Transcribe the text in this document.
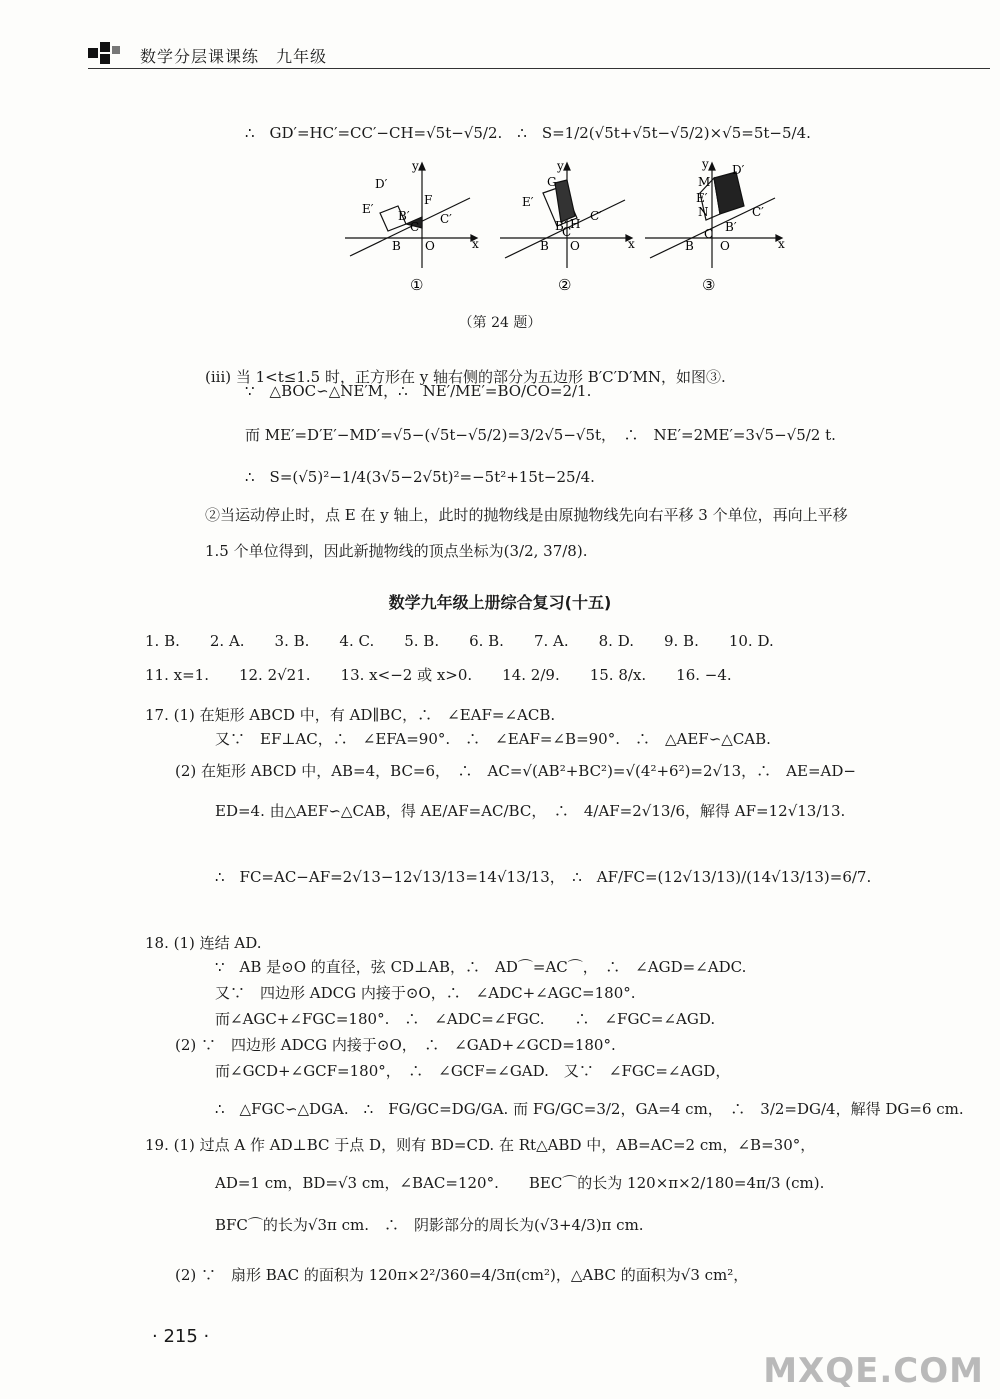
数学分层课课练　九年级
∴　GD′=HC′=CC′−CH=√5t−√5/2.　∴　S=1/2(√5t+√5t−√5/2)×√5=5t−5/4.
D′
E′
F
B′
B
C
C′
O	x
y
E′
G
B′
B
C
H
C′
O	x
y
M
D′
E′
N
B′
B
C
C′
O	x
y
①	②	③
（第 24 题）
(iii) 当 1<t≤1.5 时，正方形在 y 轴右侧的部分为五边形 B′C′D′MN，如图③.
∵　△BOC∽△NE′M，∴　NE′/ME′=BO/CO=2/1.
而 ME′=D′E′−MD′=√5−(√5t−√5/2)=3/2√5−√5t，　∴　NE′=2ME′=3√5−√5/2 t.
∴　S=(√5)²−1/4(3√5−2√5t)²=−5t²+15t−25/4.
②当运动停止时，点 E 在 y 轴上，此时的抛物线是由原抛物线先向右平移 3 个单位，再向上平移
1.5 个单位得到，因此新抛物线的顶点坐标为(3/2, 37/8).
数学九年级上册综合复习(十五)
1. B.　　2. A.　　3. B.　　4. C.　　5. B.　　6. B.　　7. A.　　8. D.　　9. B.　　10. D.
11. x=1.　　12. 2√21.　　13. x<−2 或 x>0.　　14. 2/9.　　15. 8/x.　　16. −4.
17. (1) 在矩形 ABCD 中，有 AD∥BC，∴　∠EAF=∠ACB.
又∵　EF⊥AC，∴　∠EFA=90°.　∴　∠EAF=∠B=90°.　∴　△AEF∽△CAB.
(2) 在矩形 ABCD 中，AB=4，BC=6，　∴　AC=√(AB²+BC²)=√(4²+6²)=2√13，∴　AE=AD−
ED=4. 由△AEF∽△CAB，得 AE/AF=AC/BC，　∴　4/AF=2√13/6，解得 AF=12√13/13.
∴　FC=AC−AF=2√13−12√13/13=14√13/13，　∴　AF/FC=(12√13/13)/(14√13/13)=6/7.
18. (1) 连结 AD.
∵　AB 是⊙O 的直径，弦 CD⊥AB，∴　AD⌒=AC⌒，　∴　∠AGD=∠ADC.
又∵　四边形 ADCG 内接于⊙O，∴　∠ADC+∠AGC=180°.
而∠AGC+∠FGC=180°.　∴　∠ADC=∠FGC.　　∴　∠FGC=∠AGD.
(2) ∵　四边形 ADCG 内接于⊙O，　∴　∠GAD+∠GCD=180°.
而∠GCD+∠GCF=180°，　∴　∠GCF=∠GAD.　又∵　∠FGC=∠AGD，
∴　△FGC∽△DGA.　∴　FG/GC=DG/GA. 而 FG/GC=3/2，GA=4 cm，　∴　3/2=DG/4，解得 DG=6 cm.
19. (1) 过点 A 作 AD⊥BC 于点 D，则有 BD=CD. 在 Rt△ABD 中，AB=AC=2 cm，∠B=30°，
AD=1 cm，BD=√3 cm，∠BAC=120°.　　BEC⌒的长为 120×π×2/180=4π/3 (cm).
BFC⌒的长为√3π cm.　∴　阴影部分的周长为(√3+4/3)π cm.
(2) ∵　扇形 BAC 的面积为 120π×2²/360=4/3π(cm²)，△ABC 的面积为√3 cm²，
· 215 ·
MXQE.COM
